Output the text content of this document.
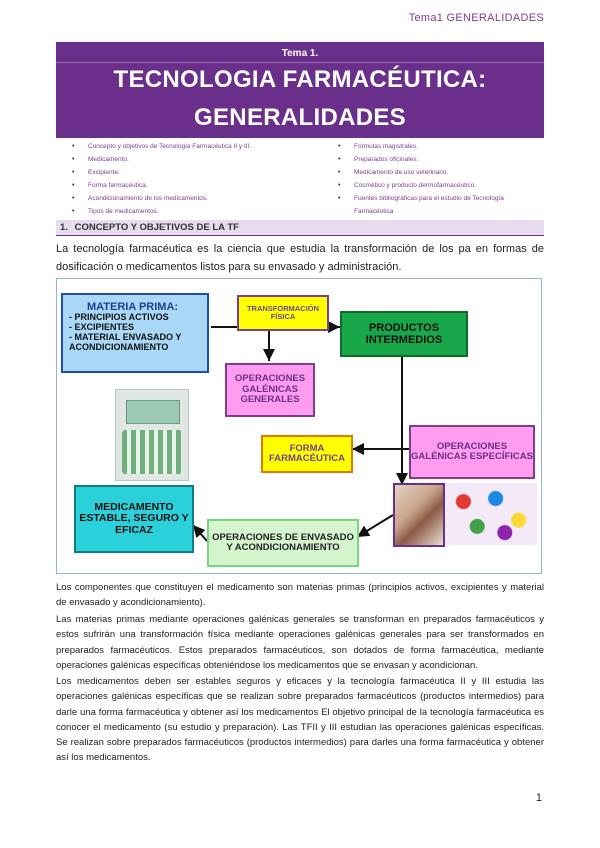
Tema1 GENERALIDADES
Tema 1.
TECNOLOGIA FARMACÉUTICA:
GENERALIDADES
• Concepto y objetivos de Tecnología Farmacéutica II y III.
• Medicamento.
• Excipiente.
• Forma farmacéutica.
• Acondicionamiento de los medicamentos.
• Tipos de medicamentos.
• Fórmulas magistrales.
• Preparados oficinales.
• Medicamento de uso veterinario.
• Cosmético y producto dermofarmacéutico.
• Fuentes bibliográficas para el estudio de Tecnología Farmacéutica
1. CONCEPTO Y OBJETIVOS DE LA TF
La tecnología farmacéutica es la ciencia que estudia la transformación de los pa en formas de dosificación o medicamentos listos para su envasado y administración.
MATERIA PRIMA:
- PRINCIPIOS ACTIVOS
- EXCIPIENTES
- MATERIAL ENVASADO Y
ACONDICIONAMIENTO
TRANSFORMACIÓN FÍSICA
PRODUCTOS INTERMEDIOS
OPERACIONES GALÉNICAS GENERALES
FORMA FARMACÉUTICA
OPERACIONES GALÉNICAS ESPECÍFICAS
MEDICAMENTO ESTABLE, SEGURO Y EFICAZ
OPERACIONES DE ENVASADO Y ACONDICIONAMIENTO

Los componentes que constituyen el medicamento son materias primas (principios activos, excipientes y material de envasado y acondicionamiento).

Las materias primas mediante operaciones galénicas generales se transforman en preparados farmacéuticos y estos sufrirán una transformación física mediante operaciones galénicas generales para ser transformados en preparados farmacéuticos. Estos preparados farmacéuticos, son dotados de forma farmacéutica, mediante operaciones galénicas específicas obteniéndose los medicamentos que se envasan y acondicionan.

Los medicamentos deben ser estables seguros y eficaces y la tecnología farmacéutica II y III estudia las operaciones galénicas específicas que se realizan sobre preparados farmacéuticos (productos intermedios) para darle una forma farmacéutica y obtener así los medicamentos El objetivo principal de la tecnología farmacéutica es conocer el medicamento (su estudio y preparación). Las TFII y III estudian las operaciones galénicas específicas. Se realizan sobre preparados farmacéuticos (productos intermedios) para darles una forma farmacéutica y obtener así los medicamentos.

1
